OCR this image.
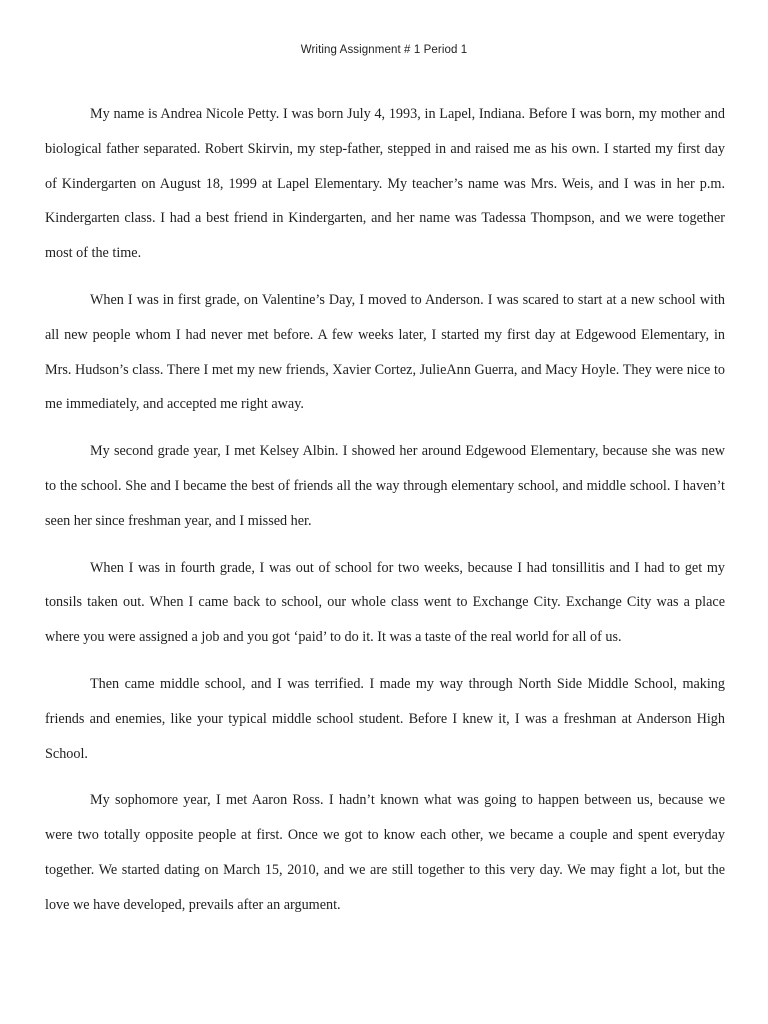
Writing Assignment # 1 Period 1

My name is Andrea Nicole Petty. I was born July 4, 1993, in Lapel, Indiana. Before I was born, my mother and biological father separated. Robert Skirvin, my step-father, stepped in and raised me as his own. I started my first day of Kindergarten on August 18, 1999 at Lapel Elementary. My teacher’s name was Mrs. Weis, and I was in her p.m. Kindergarten class. I had a best friend in Kindergarten, and her name was Tadessa Thompson, and we were together most of the time.

When I was in first grade, on Valentine’s Day, I moved to Anderson. I was scared to start at a new school with all new people whom I had never met before. A few weeks later, I started my first day at Edgewood Elementary, in Mrs. Hudson’s class. There I met my new friends, Xavier Cortez, JulieAnn Guerra, and Macy Hoyle. They were nice to me immediately, and accepted me right away.

My second grade year, I met Kelsey Albin. I showed her around Edgewood Elementary, because she was new to the school. She and I became the best of friends all the way through elementary school, and middle school. I haven’t seen her since freshman year, and I missed her.

When I was in fourth grade, I was out of school for two weeks, because I had tonsillitis and I had to get my tonsils taken out. When I came back to school, our whole class went to Exchange City. Exchange City was a place where you were assigned a job and you got ‘paid’ to do it. It was a taste of the real world for all of us.

Then came middle school, and I was terrified. I made my way through North Side Middle School, making friends and enemies, like your typical middle school student. Before I knew it, I was a freshman at Anderson High School.

My sophomore year, I met Aaron Ross. I hadn’t known what was going to happen between us, because we were two totally opposite people at first. Once we got to know each other, we became a couple and spent everyday together. We started dating on March 15, 2010, and we are still together to this very day. We may fight a lot, but the love we have developed, prevails after an argument.
